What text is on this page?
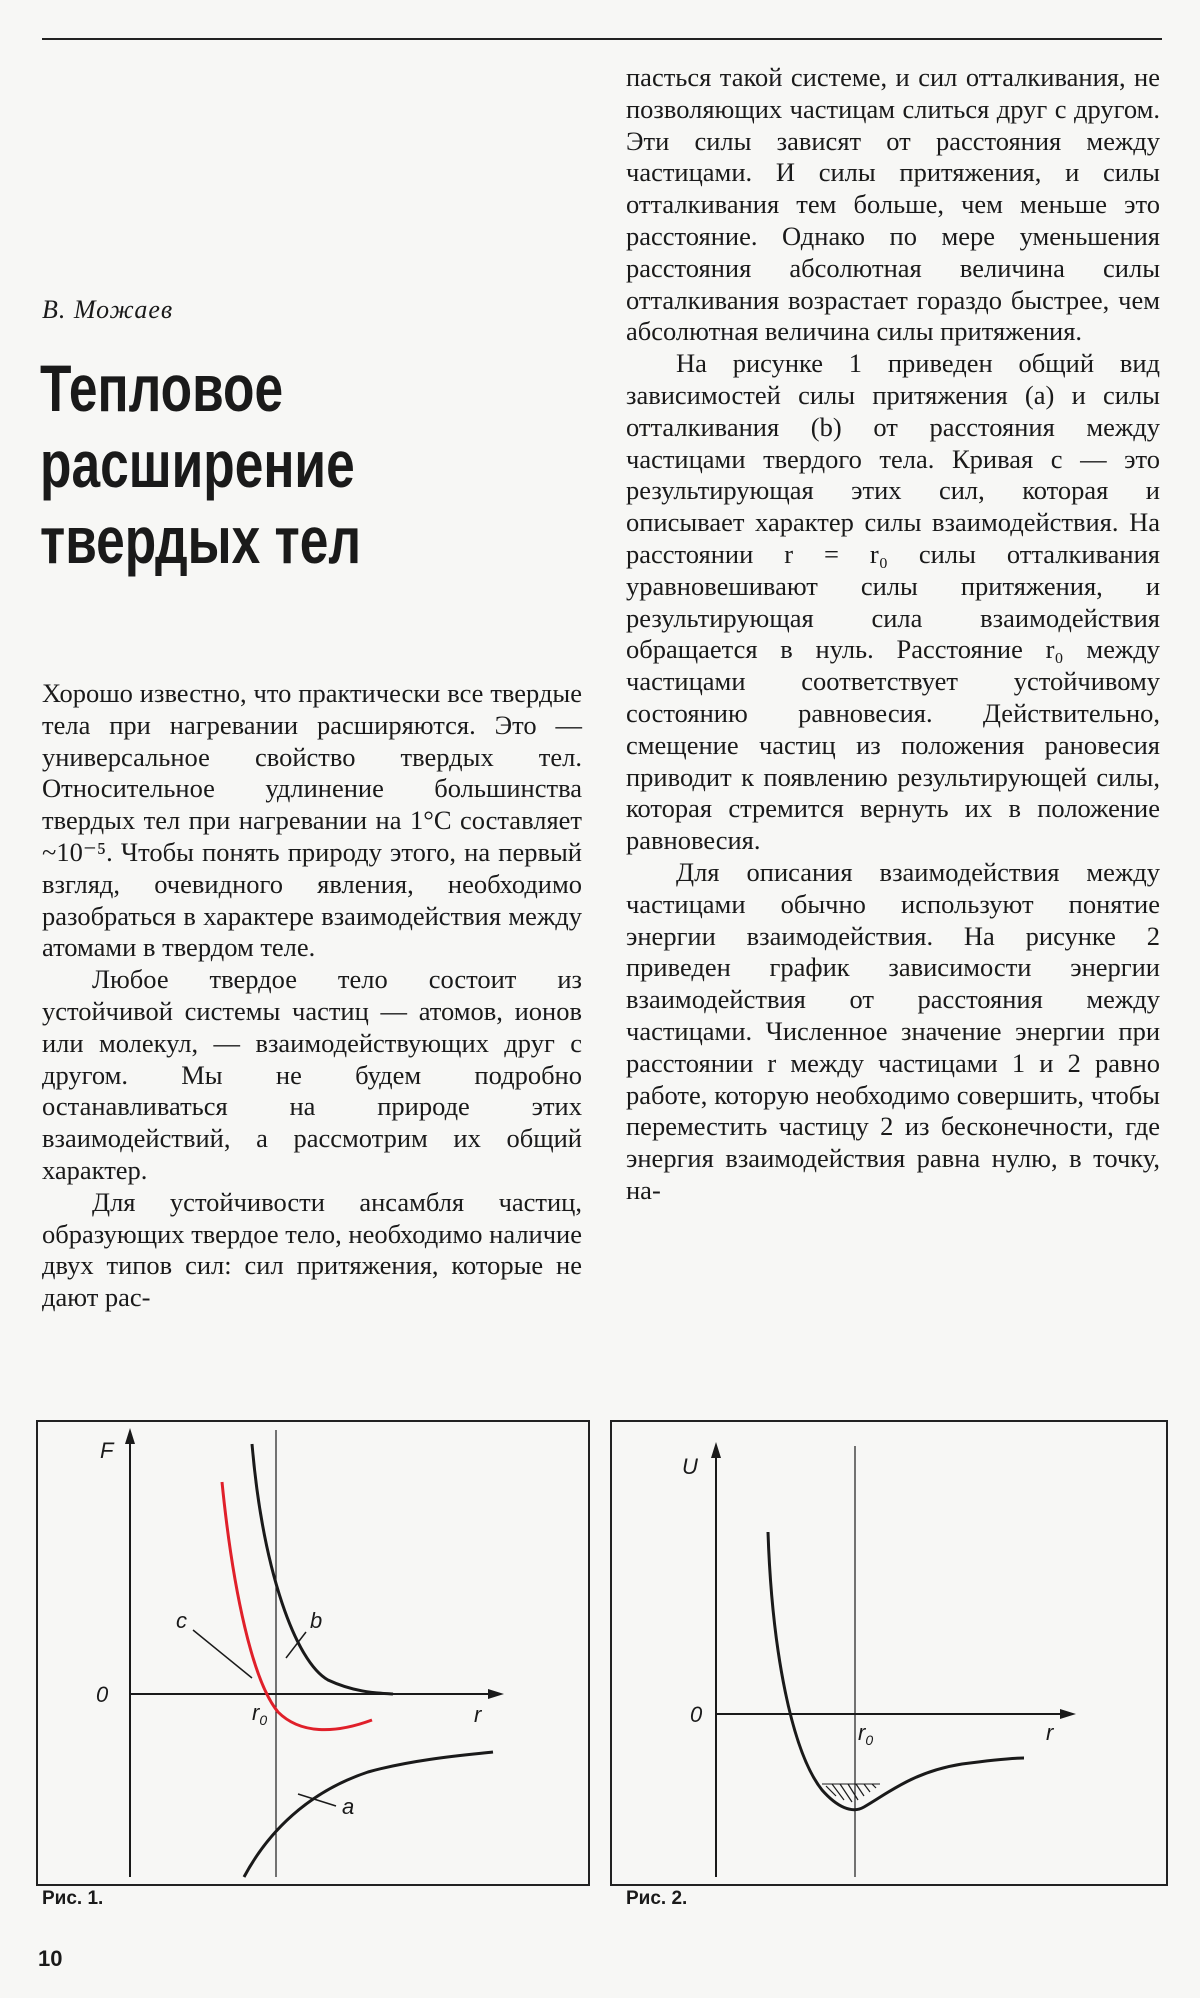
В. Можаев
Тепловое
расширение
твердых тел

Хорошо известно, что практически все твердые тела при нагревании расширяются. Это — универсальное свойство твердых тел. Относительное удлинение большинства твердых тел при нагревании на 1°С составляет ~10⁻⁵. Чтобы понять природу этого, на первый взгляд, очевидного явления, необходимо разобраться в характере взаимодействия между атомами в твердом теле.

Любое твердое тело состоит из устойчивой системы частиц — атомов, ионов или молекул, — взаимодействующих друг с другом. Мы не будем подробно останавливаться на природе этих взаимодействий, а рассмотрим их общий характер.

Для устойчивости ансамбля частиц, образующих твердое тело, необходимо наличие двух типов сил: сил притяжения, которые не дают рас-

пасться такой системе, и сил отталкивания, не позволяющих частицам слиться друг с другом. Эти силы зависят от расстояния между частицами. И силы притяжения, и силы отталкивания тем больше, чем меньше это расстояние. Однако по мере уменьшения расстояния абсолютная величина силы отталкивания возрастает гораздо быстрее, чем абсолютная величина силы притяжения.

На рисунке 1 приведен общий вид зависимостей силы притяжения (а) и силы отталкивания (b) от расстояния между частицами твердого тела. Кривая с — это результирующая этих сил, которая и описывает характер силы взаимодействия. На расстоянии r = r₀ силы отталкивания уравновешивают силы притяжения, и результирующая сила взаимодействия обращается в нуль. Расстояние r₀ между частицами соответствует устойчивому состоянию равновесия. Действительно, смещение частиц из положения ранoвесия приводит к появлению результирующей силы, которая стремится вернуть их в положение равновесия.

Для описания взаимодействия между частицами обычно используют понятие энергии взаимодействия. На рисунке 2 приведен график зависимости энергии взаимодействия от расстояния между частицами. Численное значение энергии при расстоянии r между частицами 1 и 2 равно работе, которую необходимо совершить, чтобы переместить частицу 2 из бесконечности, где энергия взаимодействия равна нулю, в точку, на-

F
r
0
$r_0$
b
c
a
U
r
0
$r_0$
Рис. 1.	Рис. 2.
10
